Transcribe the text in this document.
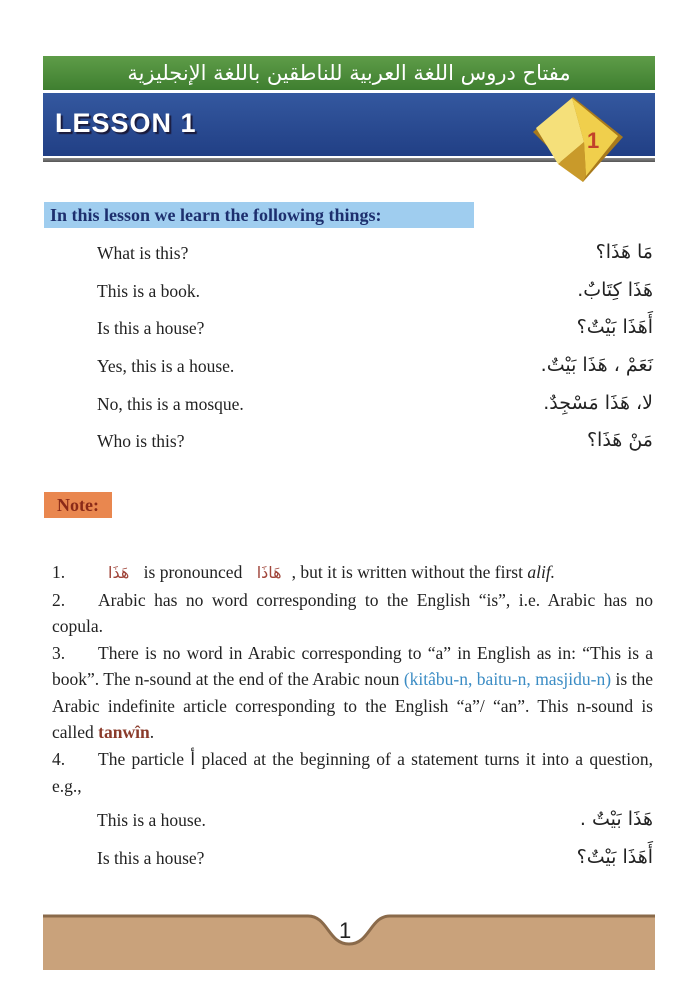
مفتاح دروس اللغة العربية للناطقين باللغة الإنجليزية
LESSON 1
1
In this lesson we learn the following things:
What is this?	مَا هَذَا؟
This is a book.	هَذَا كِتَابٌ.
Is this a house?	أَهَذَا بَيْتٌ؟
Yes, this is a house.	نَعَمْ ، هَذَا بَيْتٌ.
No, this is a mosque.	لا، هَذَا مَسْجِدٌ.
Who is this?	مَنْ هَذَا؟
Note:

1.	هَذَا is pronounced هَاذَا , but it is written without the first alif.

2. Arabic has no word corresponding to the English “is”, i.e. Arabic has no copula.

3. There is no word in Arabic corresponding to “a” in English as in: “This is a book”. The n-sound at the end of the Arabic noun (kitâbu-n, baitu-n, masjidu-n) is the Arabic indefinite article corresponding to the English “a”/ “an”. This n-sound is called tanwîn.

4. The particle أ placed at the beginning of a statement turns it into a question, e.g.,

This is a house.	هَذَا بَيْتٌ .
Is this a house?	أَهَذَا بَيْتٌ؟
1
